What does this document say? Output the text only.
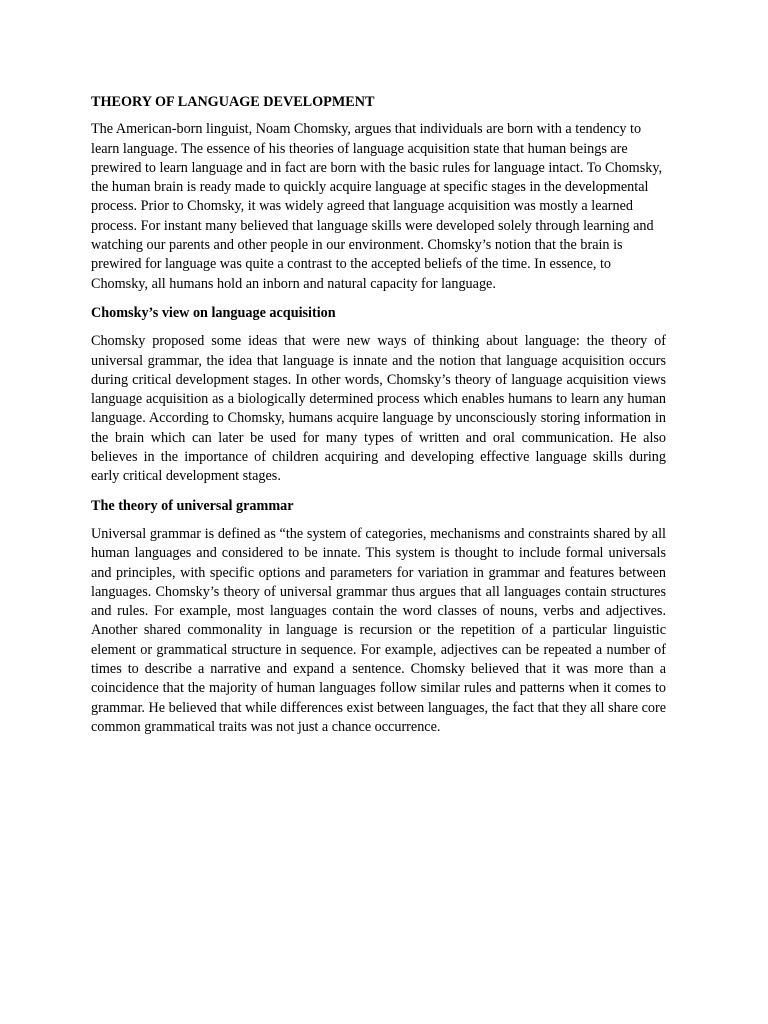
THEORY OF LANGUAGE DEVELOPMENT

The American-born linguist, Noam Chomsky, argues that individuals are born with a tendency to learn language. The essence of his theories of language acquisition state that human beings are prewired to learn language and in fact are born with the basic rules for language intact. To Chomsky, the human brain is ready made to quickly acquire language at specific stages in the developmental process. Prior to Chomsky, it was widely agreed that language acquisition was mostly a learned process. For instant many believed that language skills were developed solely through learning and watching our parents and other people in our environment. Chomsky’s notion that the brain is prewired for language was quite a contrast to the accepted beliefs of the time. In essence, to Chomsky, all humans hold an inborn and natural capacity for language.

Chomsky’s view on language acquisition

Chomsky proposed some ideas that were new ways of thinking about language: the theory of universal grammar, the idea that language is innate and the notion that language acquisition occurs during critical development stages. In other words, Chomsky’s theory of language acquisition views language acquisition as a biologically determined process which enables humans to learn any human language. According to Chomsky, humans acquire language by unconsciously storing information in the brain which can later be used for many types of written and oral communication. He also believes in the importance of children acquiring and developing effective language skills during early critical development stages.

The theory of universal grammar

Universal grammar is defined as “the system of categories, mechanisms and constraints shared by all human languages and considered to be innate. This system is thought to include formal universals and principles, with specific options and parameters for variation in grammar and features between languages. Chomsky’s theory of universal grammar thus argues that all languages contain structures and rules. For example, most languages contain the word classes of nouns, verbs and adjectives. Another shared commonality in language is recursion or the repetition of a particular linguistic element or grammatical structure in sequence. For example, adjectives can be repeated a number of times to describe a narrative and expand a sentence. Chomsky believed that it was more than a coincidence that the majority of human languages follow similar rules and patterns when it comes to grammar. He believed that while differences exist between languages, the fact that they all share core common grammatical traits was not just a chance occurrence.
